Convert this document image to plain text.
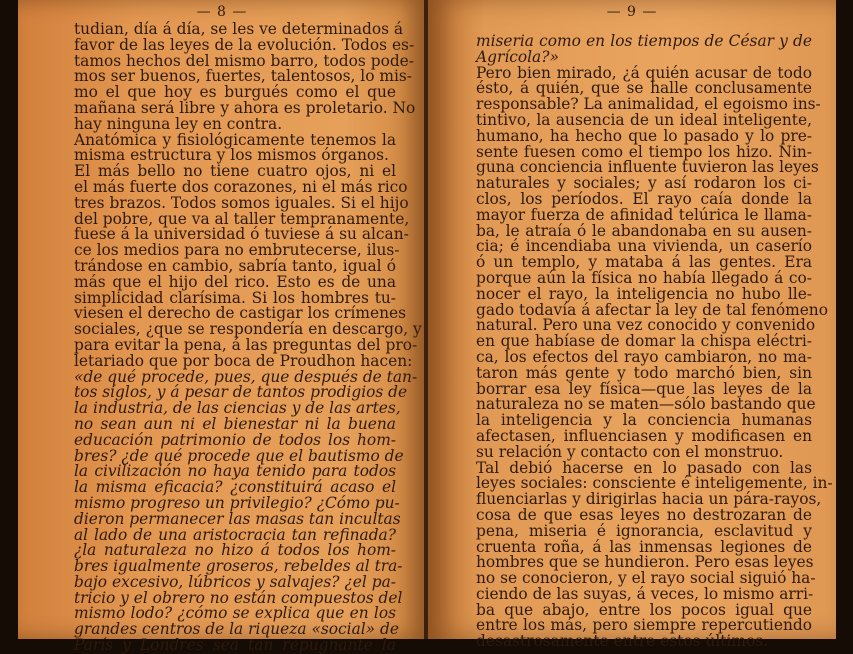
— 8 —
tudian, día á día, se les ve determinados á
favor de las leyes de la evolución. Todos es-
tamos hechos del mismo barro, todos pode-
mos ser buenos, fuertes, talentosos, lo mis-
mo el que hoy es burgués como el que
mañana será libre y ahora es proletario. No
hay ninguna ley en contra.
Anatómica y fisiológicamente tenemos la
misma estructura y los mismos órganos.
El más bello no tiene cuatro ojos, ni el
el más fuerte dos corazones, ni el más rico
tres brazos. Todos somos iguales. Si el hijo
del pobre, que va al taller tempranamente,
fuese á la universidad ó tuviese á su alcan-
ce los medios para no embrutecerse, ilus-
trándose en cambio, sabría tanto, igual ó
más que el hijo del rico. Esto es de una
simplicidad clarísima. Si los hombres tu-
viesen el derecho de castigar los crímenes
sociales, ¿que se respondería en descargo, y
para evitar la pena, á las preguntas del pro-
letariado que por boca de Proudhon hacen:
«de qué procede, pues, que después de tan-
tos siglos, y á pesar de tantos prodigios de
la industria, de las ciencias y de las artes,
no sean aun ni el bienestar ni la buena
educación patrimonio de todos los hom-
bres? ¿de qué procede que el bautismo de
la civilización no haya tenido para todos
la misma eficacia? ¿constituirá acaso el
mismo progreso un privilegio? ¿Cómo pu-
dieron permanecer las masas tan incultas
al lado de una aristocracia tan refinada?
¿la naturaleza no hizo á todos los hom-
bres igualmente groseros, rebeldes al tra-
bajo excesivo, lúbricos y salvajes? ¿el pa-
tricio y el obrero no están compuestos del
mismo lodo? ¿cómo se explica que en los
grandes centros de la riqueza «social» de
París y Londres sea tan repugnante la
— 9 —
miseria como en los tiempos de César y de
Agrícola?»
Pero bien mirado, ¿á quién acusar de todo
ésto, á quién, que se halle conclusamente
responsable? La animalidad, el egoismo ins-
tintivo, la ausencia de un ideal inteligente,
humano, ha hecho que lo pasado y lo pre-
sente fuesen como el tiempo los hizo. Nin-
guna conciencia influente tuvieron las leyes
naturales y sociales; y así rodaron los ci-
clos, los períodos. El rayo caía donde la
mayor fuerza de afinidad telúrica le llama-
ba, le atraía ó le abandonaba en su ausen-
cia; é incendiaba una vivienda, un caserío
ó un templo, y mataba á las gentes. Era
porque aún la física no había llegado á co-
nocer el rayo, la inteligencia no hubo lle-
gado todavía á afectar la ley de tal fenómeno
natural. Pero una vez conocido y convenido
en que habíase de domar la chispa eléctri-
ca, los efectos del rayo cambiaron, no ma-
taron más gente y todo marchó bien, sin
borrar esa ley física—que las leyes de la
naturaleza no se maten—sólo bastando que
la inteligencia y la conciencia humanas
afectasen, influenciasen y modificasen en
su relación y contacto con el monstruo.
Tal debió hacerse en lo pasado con las
leyes sociales: consciente é inteligemente, in-
fluenciarlas y dirigirlas hacia un pára-rayos,
cosa de que esas leyes no destrozaran de
pena, miseria é ignorancia, esclavitud y
cruenta roña, á las inmensas legiones de
hombres que se hundieron. Pero esas leyes
no se conocieron, y el rayo social siguió ha-
ciendo de las suyas, á veces, lo mismo arri-
ba que abajo, entre los pocos igual que
entre los más, pero siempre repercutiendo
desastrosamente entre estos últimos.
